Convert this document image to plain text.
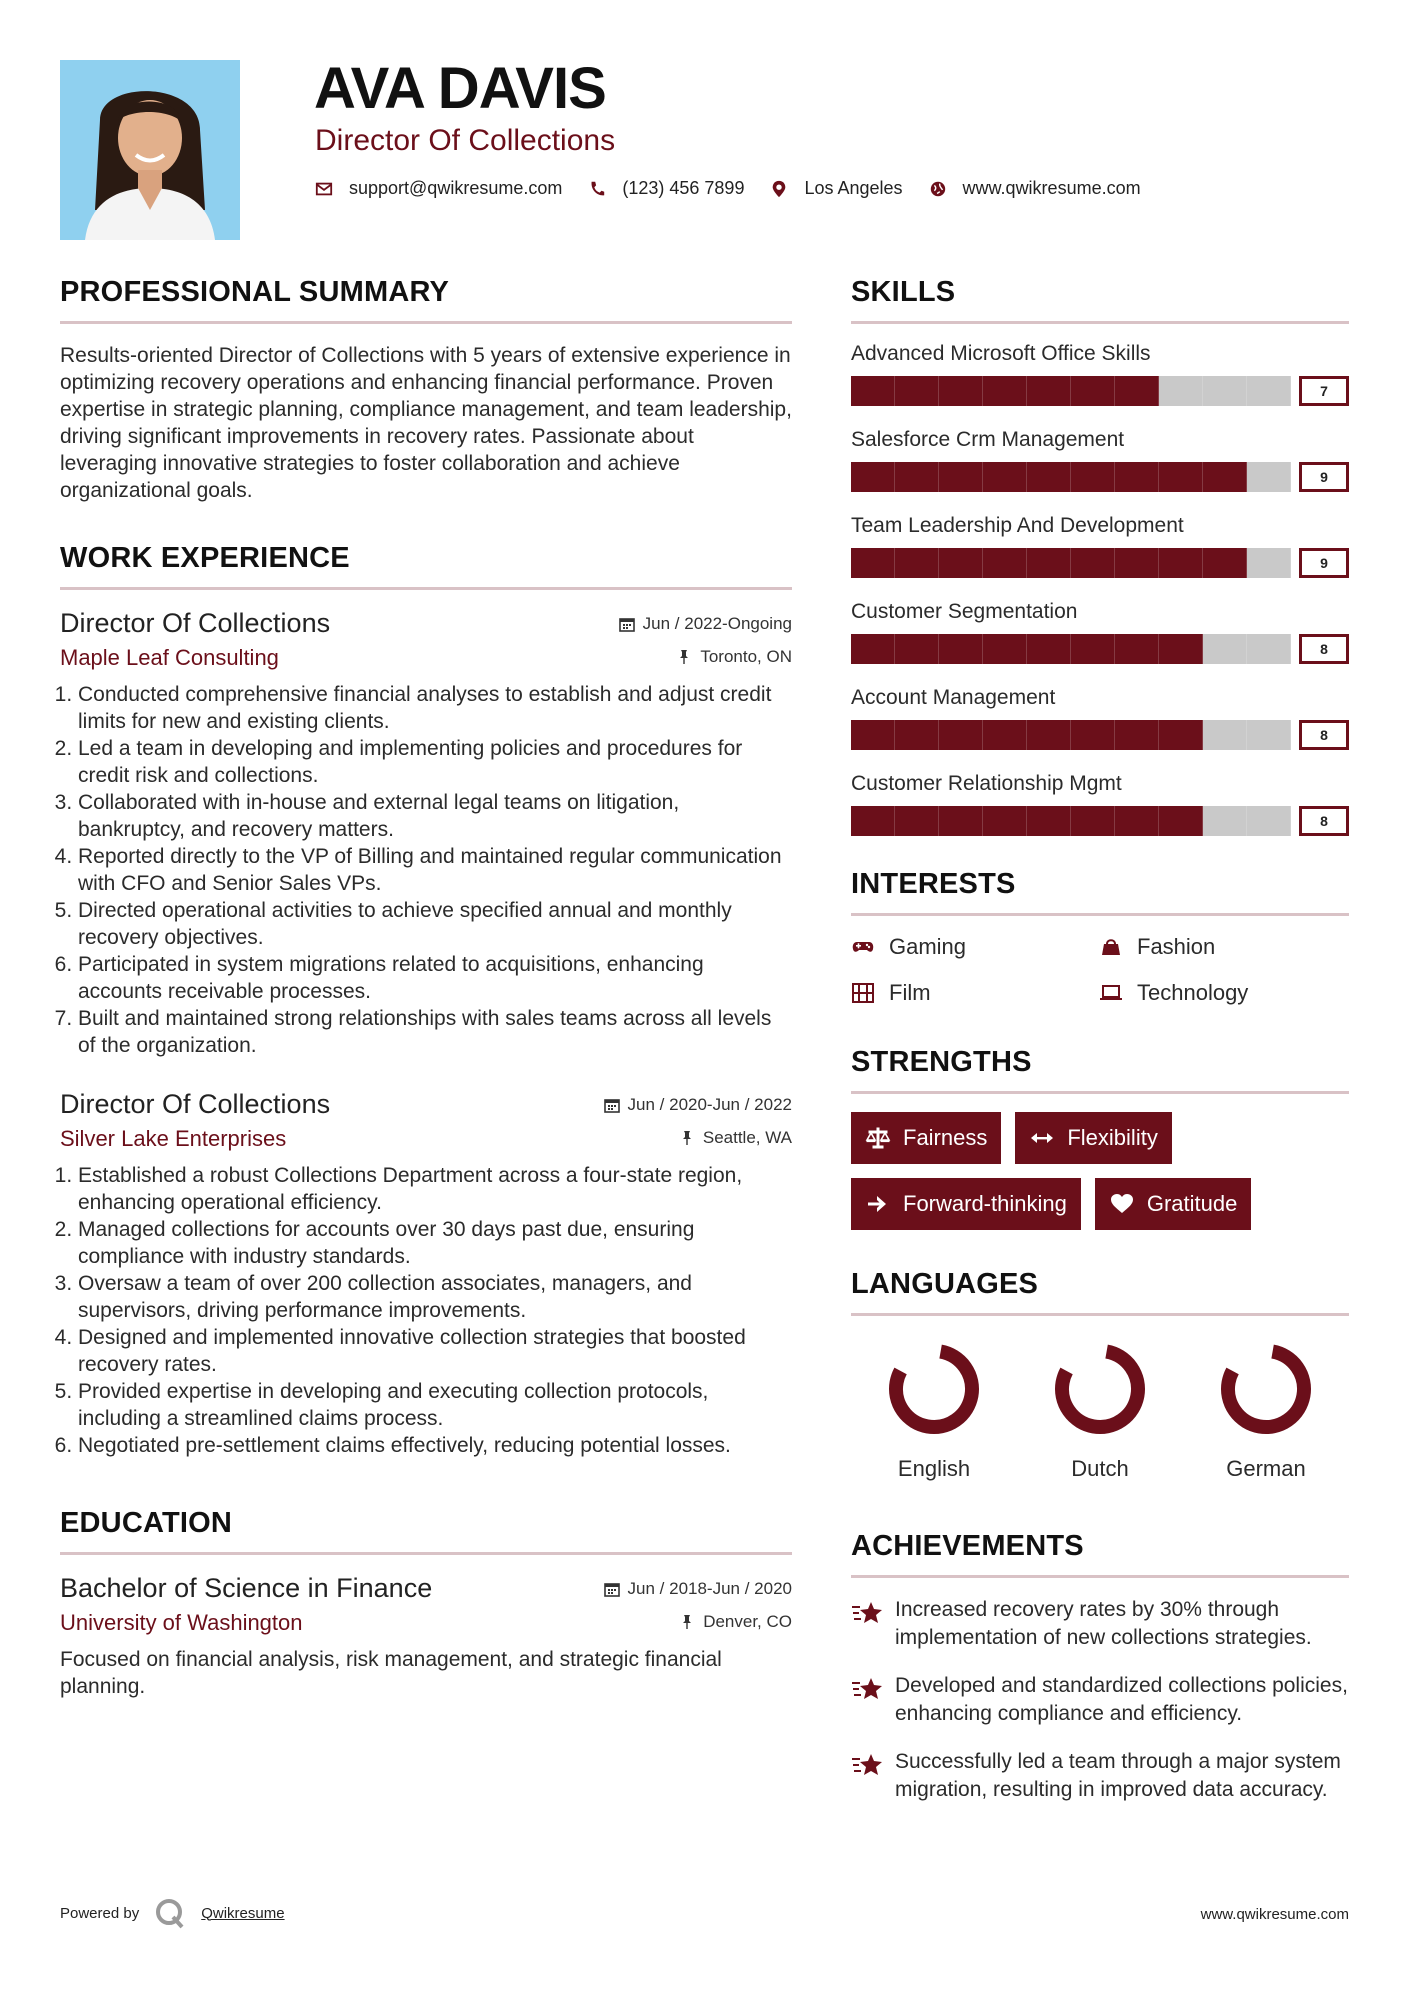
AVA DAVIS
Director Of Collections
support@qwikresume.com	(123) 456 7899	Los Angeles	www.qwikresume.com
PROFESSIONAL SUMMARY
Results-oriented Director of Collections with 5 years of extensive experience in optimizing recovery operations and enhancing financial performance. Proven expertise in strategic planning, compliance management, and team leadership, driving significant improvements in recovery rates. Passionate about leveraging innovative strategies to foster collaboration and achieve organizational goals.
WORK EXPERIENCE
Director Of Collections	Jun / 2022-Ongoing
Maple Leaf Consulting	Toronto, ON
1. Conducted comprehensive financial analyses to establish and adjust credit limits for new and existing clients.
2. Led a team in developing and implementing policies and procedures for credit risk and collections.
3. Collaborated with in-house and external legal teams on litigation, bankruptcy, and recovery matters.
4. Reported directly to the VP of Billing and maintained regular communication with CFO and Senior Sales VPs.
5. Directed operational activities to achieve specified annual and monthly recovery objectives.
6. Participated in system migrations related to acquisitions, enhancing accounts receivable processes.
7. Built and maintained strong relationships with sales teams across all levels of the organization.
Director Of Collections	Jun / 2020-Jun / 2022
Silver Lake Enterprises	Seattle, WA
1. Established a robust Collections Department across a four-state region, enhancing operational efficiency.
2. Managed collections for accounts over 30 days past due, ensuring compliance with industry standards.
3. Oversaw a team of over 200 collection associates, managers, and supervisors, driving performance improvements.
4. Designed and implemented innovative collection strategies that boosted recovery rates.
5. Provided expertise in developing and executing collection protocols, including a streamlined claims process.
6. Negotiated pre-settlement claims effectively, reducing potential losses.
EDUCATION
Bachelor of Science in Finance	Jun / 2018-Jun / 2020
University of Washington	Denver, CO
Focused on financial analysis, risk management, and strategic financial planning.
SKILLS
Advanced Microsoft Office Skills
7
Salesforce Crm Management
9
Team Leadership And Development
9
Customer Segmentation
8
Account Management
8
Customer Relationship Mgmt
8
INTERESTS
Gaming	Fashion
Film	Technology
STRENGTHS
Fairness	Flexibility
Forward-thinking	Gratitude
LANGUAGES
English	Dutch	German
ACHIEVEMENTS
Increased recovery rates by 30% through implementation of new collections strategies.
Developed and standardized collections policies, enhancing compliance and efficiency.
Successfully led a team through a major system migration, resulting in improved data accuracy.
Powered by	Qwikresume	www.qwikresume.com
